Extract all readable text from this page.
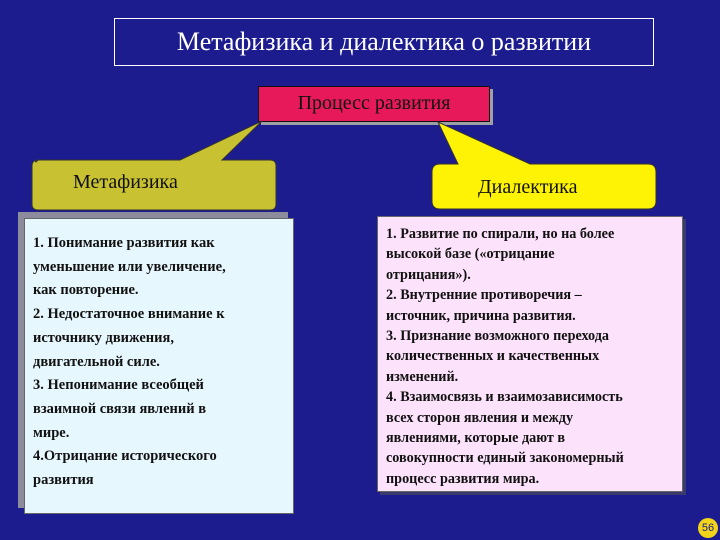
Метафизика и диалектика о развитии
Процесс развития
Метафизика	Диалектика
1. Понимание развития как
уменьшение или увеличение,
как повторение.
2. Недостаточное внимание к
источнику движения,
двигательной силе.
3. Непонимание всеобщей
взаимной связи явлений в
мире.
4.Отрицание исторического
развития
1. Развитие по спирали, но на более
высокой базе («отрицание
отрицания»).
2. Внутренние противоречия –
источник, причина развития.
3. Признание возможного перехода
количественных и качественных
изменений.
4. Взаимосвязь и взаимозависимость
всех сторон явления и между
явлениями, которые дают в
совокупности единый закономерный
процесс развития мира.
56
